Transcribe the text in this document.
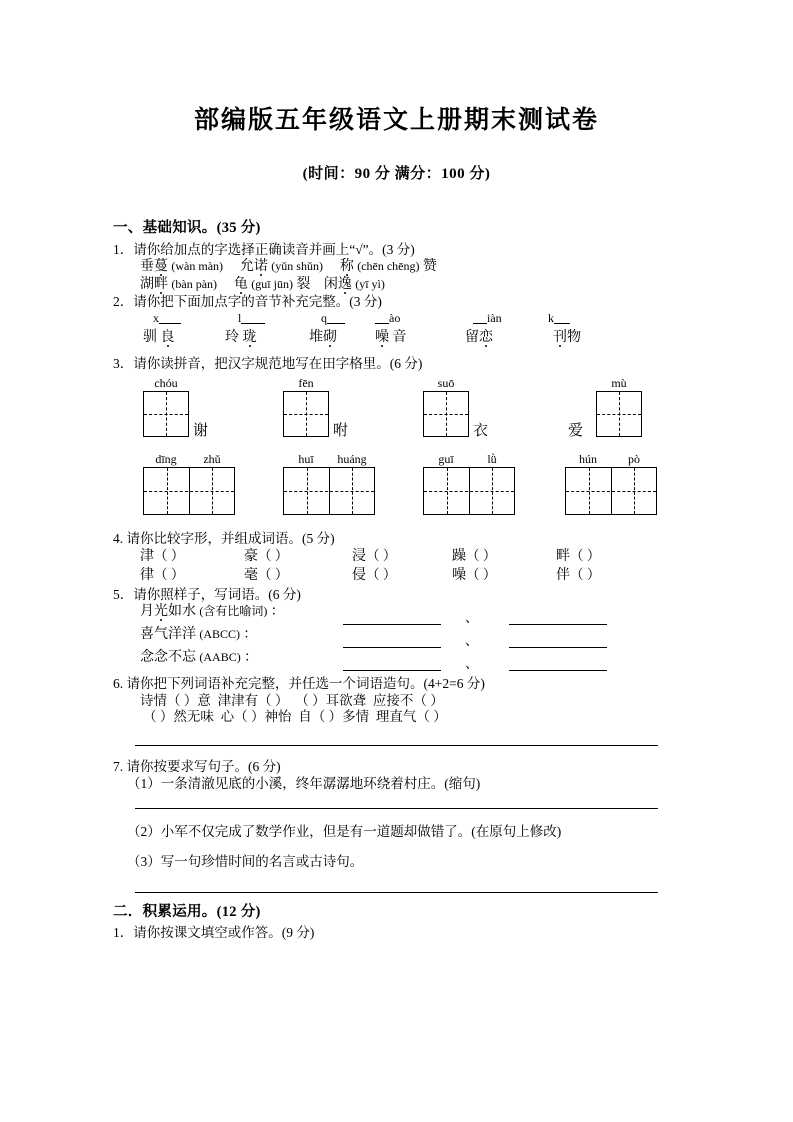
部编版五年级语文上册期末测试卷
(时间：90 分 满分：100 分)
一、基础知识。(35 分)
1．请你给加点的字选择正确读音并画上“√”。(3 分)
垂蔓 (wàn màn) 允诺 (yǔn shǔn) 称 (chēn chēng) 赞
湖畔 (bàn pàn) 龟 (guī jūn) 裂 闲逸 (yī yì)
2．请你把下面加点字的音节补充完整。(3 分)
x	l	q	ào	iàn	k
驯 良	玲 珑	堆砌	噪 音	留恋	刊物
3．请你读拼音，把汉字规范地写在田字格里。(6 分)
chóu
谢
fēn
咐
suō
衣
mù
爱
dīng zhǔ	huī huáng	guī	lǜ	hún	pò
4. 请你比较字形，并组成词语。(5 分)
津（ ）	豪（ ）	浸（ ）	躁（ ）	畔（ ）
律（ ）	毫（ ）	侵（ ）	噪（ ）	伴（ ）
5．请你照样子，写词语。(6 分)
月光如水 (含有比喻词) ：	、
喜气洋洋 (ABCC) ：	、
念念不忘 (AABC) ：	、
6. 请你把下列词语补充完整，并任选一个词语造句。(4+2=6 分)
诗情（ ）意 津津有（ ） （ ）耳欲聋 应接不（ ）
（ ）然无味 心（ ）神怡 自（ ）多情 理直气（ ）
7. 请你按要求写句子。(6 分)
（1）一条清澈见底的小溪，终年潺潺地环绕着村庄。(缩句)
（2）小军不仅完成了数学作业，但是有一道题却做错了。(在原句上修改)
（3）写一句珍惜时间的名言或古诗句。
二．积累运用。(12 分)
1．请你按课文填空或作答。(9 分)
